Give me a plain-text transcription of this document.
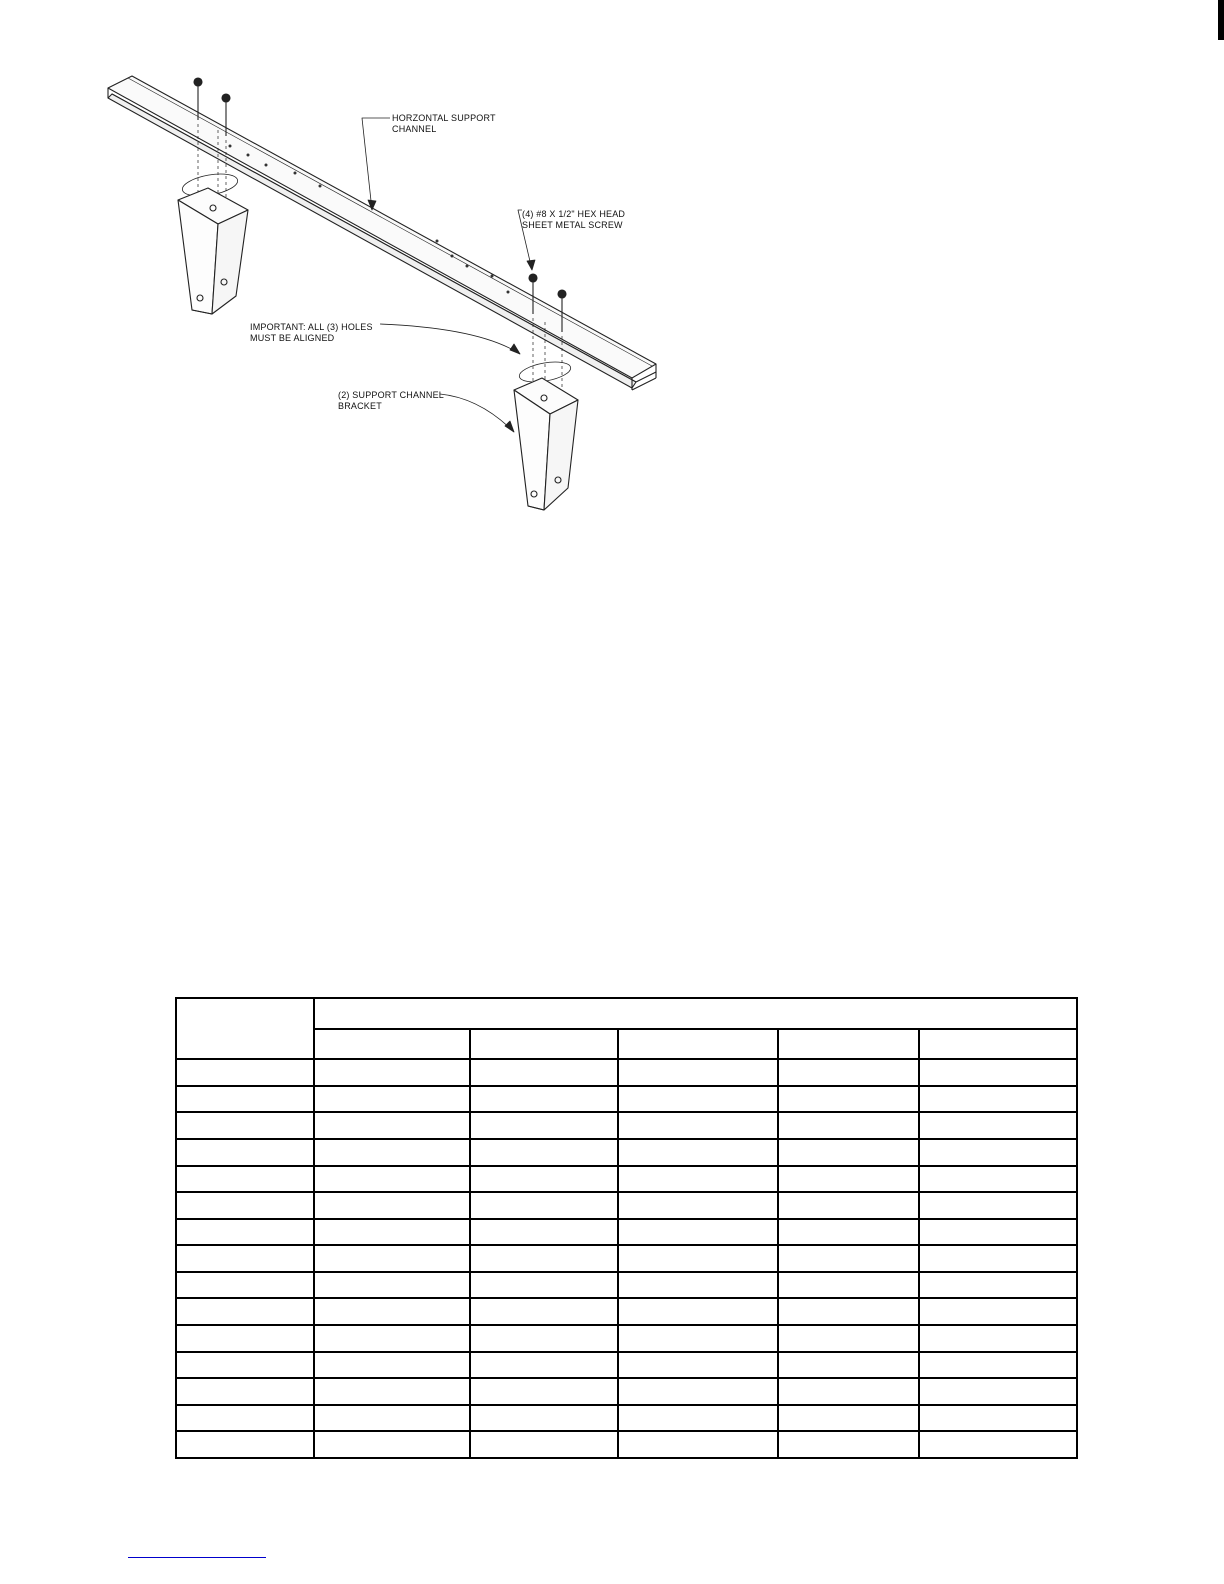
HORZONTAL SUPPORT
CHANNEL
(4) #8 X 1/2" HEX HEAD
SHEET METAL SCREW
IMPORTANT: ALL (3) HOLES
MUST BE ALIGNED
(2) SUPPORT CHANNEL
BRACKET
